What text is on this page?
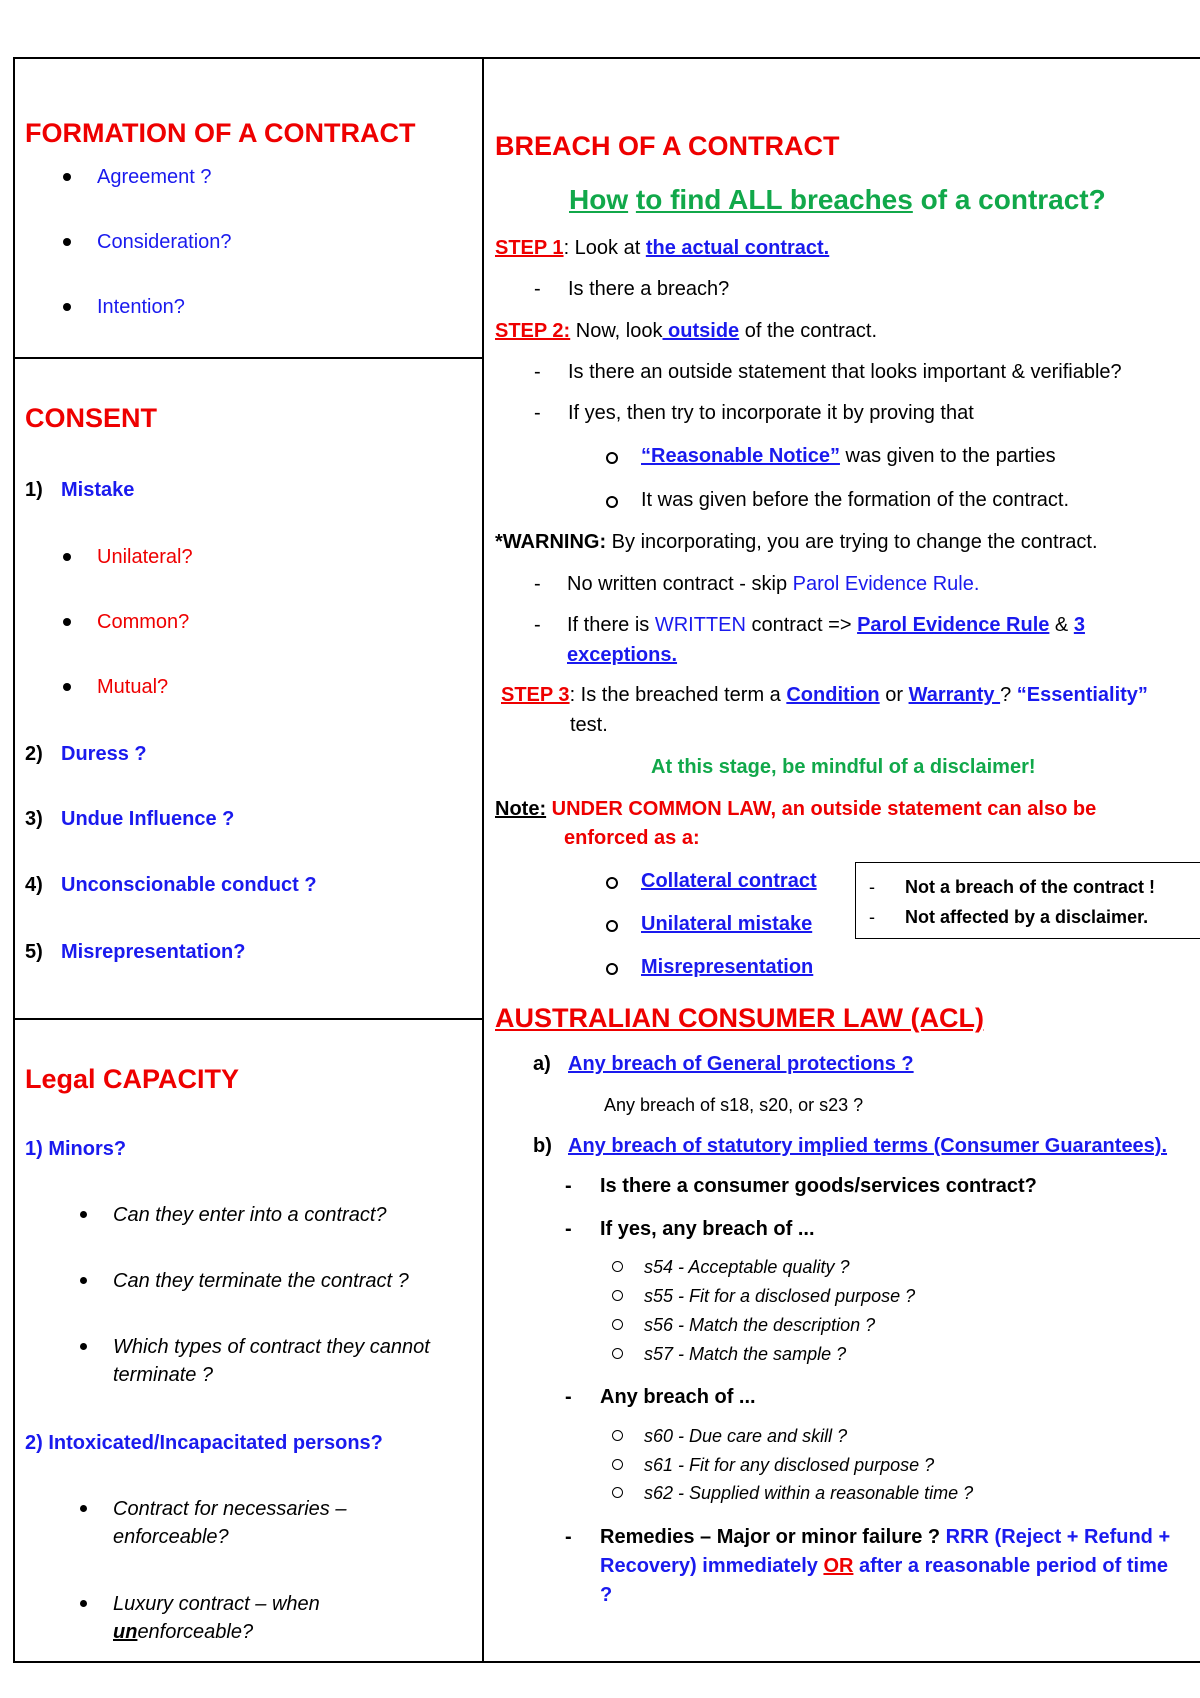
FORMATION OF A CONTRACT
Agreement ?
Consideration?
Intention?
CONSENT
1) Mistake
Unilateral?
Common?
Mutual?
2) Duress ?
3) Undue Influence ?
4) Unconscionable conduct ?
5) Misrepresentation?
Legal CAPACITY
1) Minors?
Can they enter into a contract?
Can they terminate the contract ?
Which types of contract they cannot
terminate ?
2) Intoxicated/Incapacitated persons?
Contract for necessaries –
enforceable?
Luxury contract – when
unenforceable?
BREACH OF A CONTRACT
How to find ALL breaches of a contract?
STEP 1: Look at the actual contract.
- Is there a breach?
STEP 2: Now, look outside of the contract.
- Is there an outside statement that looks important & verifiable?
- If yes, then try to incorporate it by proving that
“Reasonable Notice” was given to the parties
It was given before the formation of the contract.
*WARNING: By incorporating, you are trying to change the contract.
- No written contract - skip Parol Evidence Rule.
- If there is WRITTEN contract => Parol Evidence Rule & 3
exceptions.
STEP 3: Is the breached term a Condition or Warranty ? “Essentiality”
test.
At this stage, be mindful of a disclaimer!
Note: UNDER COMMON LAW, an outside statement can also be
enforced as a:
Collateral contract
Unilateral mistake
Misrepresentation
- Not a breach of the contract !
- Not affected by a disclaimer.
AUSTRALIAN CONSUMER LAW (ACL)
a) Any breach of General protections ?
Any breach of s18, s20, or s23 ?
b) Any breach of statutory implied terms (Consumer Guarantees).
- Is there a consumer goods/services contract?
- If yes, any breach of ...
s54 - Acceptable quality ?
s55 - Fit for a disclosed purpose ?
s56 - Match the description ?
s57 - Match the sample ?
- Any breach of ...
s60 - Due care and skill ?
s61 - Fit for any disclosed purpose ?
s62 - Supplied within a reasonable time ?
- Remedies – Major or minor failure ? RRR (Reject + Refund +
Recovery) immediately OR after a reasonable period of time
?
